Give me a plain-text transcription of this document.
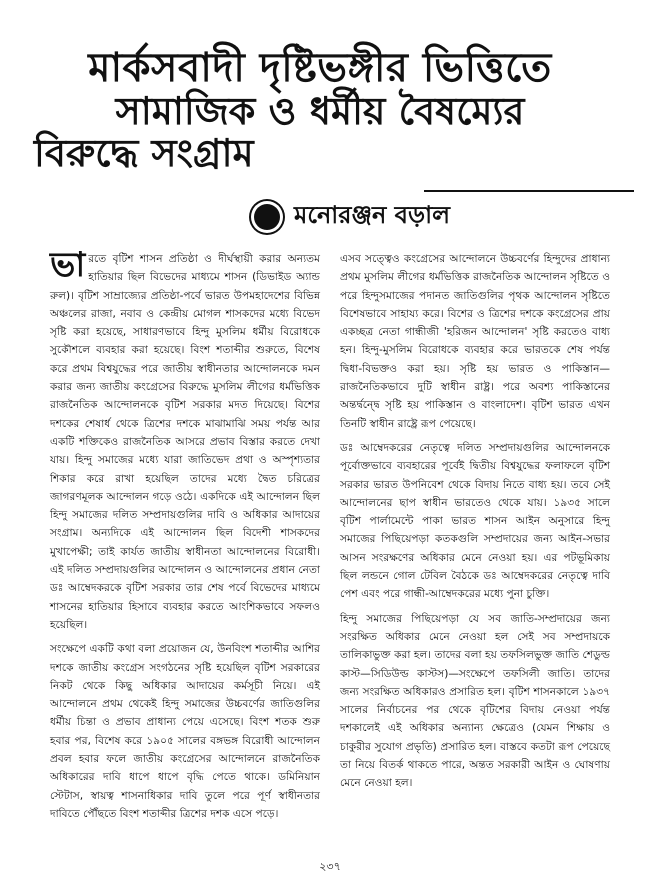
মার্কসবাদী দৃষ্টিভঙ্গীর ভিত্তিতে
সামাজিক ও ধর্মীয় বৈষম্যের
বিরুদ্ধে সংগ্রাম
মনোরঞ্জন বড়াল

ভারতে বৃটিশ শাসন প্রতিষ্ঠা ও দীর্ঘস্থায়ী করার অন্যতম হাতিয়ার ছিল বিভেদের মাধ্যমে শাসন (ডিভাইড অ্যান্ড রুল)। বৃটিশ সাম্রাজ্যের প্রতিষ্ঠা-পর্বে ভারত উপমহাদেশের বিভিন্ন অঞ্চলের রাজা, নবাব ও কেন্দ্রীয় মোগল শাসকদের মধ্যে বিভেদ সৃষ্টি করা হয়েছে, সাধারণভাবে হিন্দু মুসলিম ধর্মীয় বিরোধকে সুকৌশলে ব্যবহার করা হয়েছে। বিংশ শতাব্দীর শুরুতে, বিশেষ করে প্রথম বিশ্বযুদ্ধের পরে জাতীয় স্বাধীনতার আন্দোলনকে দমন করার জন্য জাতীয় কংগ্রেসের বিরুদ্ধে মুসলিম লীগের ধর্মভিত্তিক রাজনৈতিক আন্দোলনকে বৃটিশ সরকার মদত দিয়েছে। বিশের দশকের শেষার্ধ থেকে ত্রিশের দশকে মাঝামাঝি সময় পর্যন্ত আর একটি শক্তিকেও রাজনৈতিক আসরে প্রভাব বিস্তার করতে দেখা যায়। হিন্দু সমাজের মধ্যে যারা জাতিভেদ প্রথা ও অস্পৃশ্যতার শিকার করে রাখা হয়েছিল তাদের মধ্যে দ্বৈত চরিত্রের জাগরণমূলক আন্দোলন গড়ে ওঠে। একদিকে এই আন্দোলন ছিল হিন্দু সমাজের দলিত সম্প্রদায়গুলির দাবি ও অধিকার আদায়ের সংগ্রাম। অন্যদিকে এই আন্দোলন ছিল বিদেশী শাসকদের মুখাপেক্ষী; তাই কার্যত জাতীয় স্বাধীনতা আন্দোলনের বিরোধী। এই দলিত সম্প্রদায়গুলির আন্দোলন ও আন্দোলনের প্রধান নেতা ডঃ আম্বেদকরকে বৃটিশ সরকার তার শেষ পর্বে বিভেদের মাধ্যমে শাসনের হাতিয়ার হিসাবে ব্যবহার করতে আংশিকভাবে সফলও হয়েছিল।

সংক্ষেপে একটি কথা বলা প্রয়োজন যে, উনবিংশ শতাব্দীর আশির দশকে জাতীয় কংগ্রেস সংগঠনের সৃষ্টি হয়েছিল বৃটিশ সরকারের নিকট থেকে কিছু অধিকার আদায়ের কর্মসূচী নিয়ে। এই আন্দোলনে প্রথম থেকেই হিন্দু সমাজের উচ্চবর্ণের জাতিগুলির ধর্মীয় চিন্তা ও প্রভাব প্রাধান্য পেয়ে এসেছে। বিংশ শতক শুরু হবার পর, বিশেষ করে ১৯০৫ সালের বঙ্গভঙ্গ বিরোধী আন্দোলন প্রবল হবার ফলে জাতীয় কংগ্রেসের আন্দোলনে রাজনৈতিক অধিকারের দাবি ধাপে ধাপে বৃদ্ধি পেতে থাকে। ডমিনিয়ান স্টেটাস, স্বায়ত্ব শাসনাধিকার দাবি তুলে পরে পূর্ণ স্বাধীনতার দাবিতে পৌঁছতে বিংশ শতাব্দীর ত্রিশের দশক এসে পড়ে।

এসব সত্ত্বেও কংগ্রেসের আন্দোলনে উচ্চবর্ণের হিন্দুদের প্রাধান্য প্রথম মুসলিম লীগের ধর্মভিত্তিক রাজনৈতিক আন্দোলন সৃষ্টিতে ও পরে হিন্দুসমাজের পদানত জাতিগুলির পৃথক আন্দোলন সৃষ্টিতে বিশেষভাবে সাহায্য করে। বিশের ও ত্রিশের দশকে কংগ্রেসের প্রায় একচ্ছত্র নেতা গান্ধীজী 'হরিজন আন্দোলন' সৃষ্টি করতেও বাধ্য হন। হিন্দু-মুসলিম বিরোধকে ব্যবহার করে ভারতকে শেষ পর্যন্ত দ্বিধা-বিভক্তও করা হয়। সৃষ্টি হয় ভারত ও পাকিস্তান—রাজনৈতিকভাবে দুটি স্বাধীন রাষ্ট্র। পরে অবশ্য পাকিস্তানের অন্তর্দ্বন্দ্বে সৃষ্টি হয় পাকিস্তান ও বাংলাদেশ। বৃটিশ ভারত এখন তিনটি স্বাধীন রাষ্ট্রে রূপ পেয়েছে।

ডঃ আম্বেদকরের নেতৃত্বে দলিত সম্প্রদায়গুলির আন্দোলনকে পূর্বোক্তভাবে ব্যবহারের পূর্বেই দ্বিতীয় বিশ্বযুদ্ধের ফলাফলে বৃটিশ সরকার ভারত উপনিবেশ থেকে বিদায় নিতে বাধ্য হয়। তবে সেই আন্দোলনের ছাপ স্বাধীন ভারতেও থেকে যায়। ১৯৩৫ সালে বৃটিশ পার্লামেন্টে পাকা ভারত শাসন আইন অনুসারে হিন্দু সমাজের পিছিয়েপড়া কতকগুলি সম্প্রদায়ের জন্য আইন-সভার আসন সংরক্ষণের অধিকার মেনে নেওয়া হয়। এর পটভূমিকায় ছিল লন্ডনে গোল টেবিল বৈঠকে ডঃ আম্বেদকরের নেতৃত্বে দাবি পেশ এবং পরে গান্ধী-আম্বেদকরের মধ্যে পুনা চুক্তি।

হিন্দু সমাজের পিছিয়েপড়া যে সব জাতি-সম্প্রদায়ের জন্য সংরক্ষিত অধিকার মেনে নেওয়া হল সেই সব সম্প্রদায়কে তালিকাভুক্ত করা হল। তাদের বলা হয় তফসিলভুক্ত জাতি শেডুল্ড কাস্ট—সিডিউল্ড কাস্টস)—সংক্ষেপে তফসিলী জাতি। তাদের জন্য সংরক্ষিত অধিকারও প্রসারিত হল। বৃটিশ শাসনকালে ১৯৩৭ সালের নির্বাচনের পর থেকে বৃটিশের বিদায় নেওয়া পর্যন্ত দশকালেই এই অধিকার অন্যান্য ক্ষেত্রেও (যেমন শিক্ষায় ও চাকুরীর সুযোগ প্রভৃতি) প্রসারিত হল। বাস্তবে কতটা রূপ পেয়েছে তা নিয়ে বিতর্ক থাকতে পারে, অন্তত সরকারী আইন ও ঘোষণায় মেনে নেওয়া হল।

২৩৭
